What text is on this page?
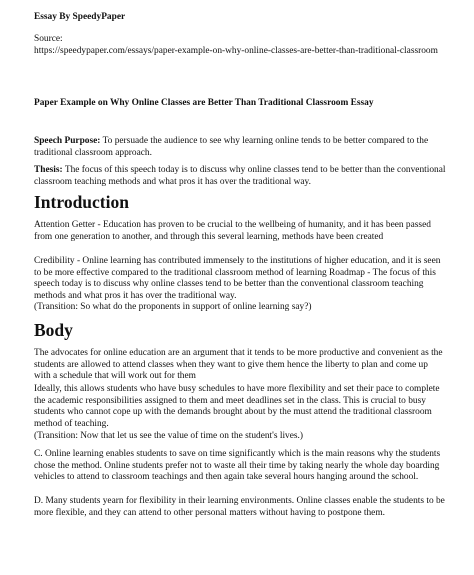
Essay By SpeedyPaper

Source:
https://speedypaper.com/essays/paper-example-on-why-online-classes-are-better-than-traditional-classroom

Paper Example on Why Online Classes are Better Than Traditional Classroom Essay

Speech Purpose: To persuade the audience to see why learning online tends to be better compared to the traditional classroom approach.

Thesis: The focus of this speech today is to discuss why online classes tend to be better than the conventional classroom teaching methods and what pros it has over the traditional way.

Introduction

Attention Getter - Education has proven to be crucial to the wellbeing of humanity, and it has been passed from one generation to another, and through this several learning, methods have been created

Credibility - Online learning has contributed immensely to the institutions of higher education, and it is seen to be more effective compared to the traditional classroom method of learning Roadmap - The focus of this speech today is to discuss why online classes tend to be better than the conventional classroom teaching methods and what pros it has over the traditional way.

(Transition: So what do the proponents in support of online learning say?)

Body

The advocates for online education are an argument that it tends to be more productive and convenient as the students are allowed to attend classes when they want to give them hence the liberty to plan and come up with a schedule that will work out for them

Ideally, this allows students who have busy schedules to have more flexibility and set their pace to complete the academic responsibilities assigned to them and meet deadlines set in the class. This is crucial to busy students who cannot cope up with the demands brought about by the must attend the traditional classroom method of teaching.

(Transition: Now that let us see the value of time on the student's lives.)

C. Online learning enables students to save on time significantly which is the main reasons why the students chose the method. Online students prefer not to waste all their time by taking nearly the whole day boarding vehicles to attend to classroom teachings and then again take several hours hanging around the school.

D. Many students yearn for flexibility in their learning environments. Online classes enable the students to be more flexible, and they can attend to other personal matters without having to postpone them.
